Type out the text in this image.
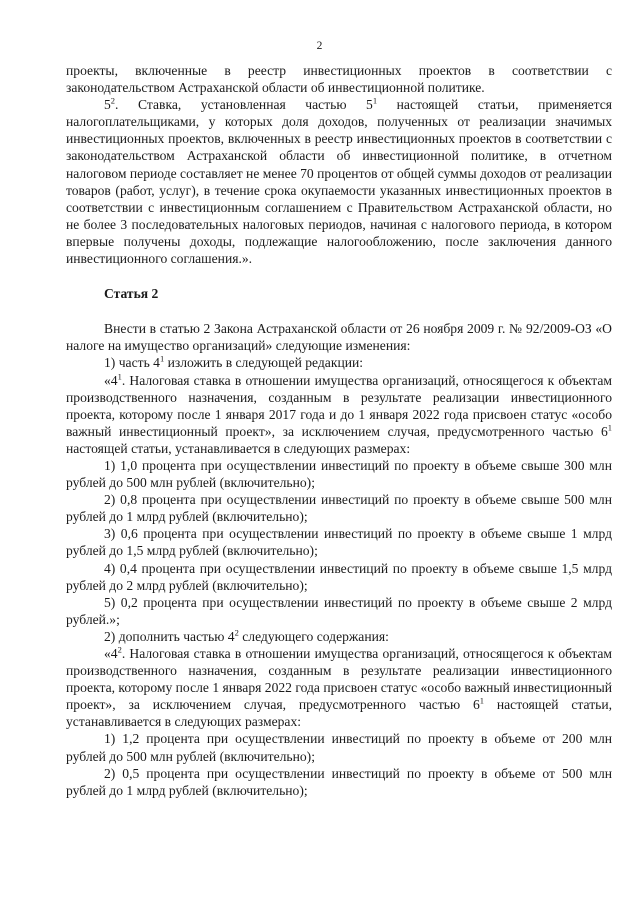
2

проекты, включенные в реестр инвестиционных проектов в соответствии с законодательством Астраханской области об инвестиционной политике.

$5^2$. Ставка, установленная частью $5^1$ настоящей статьи, применяется налогоплательщиками, у которых доля доходов, полученных от реализации значимых инвестиционных проектов, включенных в реестр инвестиционных проектов в соответствии с законодательством Астраханской области об инвестиционной политике, в отчетном налоговом периоде составляет не менее 70 процентов от общей суммы доходов от реализации товаров (работ, услуг), в течение срока окупаемости указанных инвестиционных проектов в соответствии с инвестиционным соглашением с Правительством Астраханской области, но не более 3 последовательных налоговых периодов, начиная с налогового периода, в котором впервые получены доходы, подлежащие налогообложению, после заключения данного инвестиционного соглашения.».

Статья 2

Внести в статью 2 Закона Астраханской области от 26 ноября 2009 г. № 92/2009-ОЗ «О налоге на имущество организаций» следующие изменения:

1) часть $4^1$ изложить в следующей редакции:

«$4^1$. Налоговая ставка в отношении имущества организаций, относящегося к объектам производственного назначения, созданным в результате реализации инвестиционного проекта, которому после 1 января 2017 года и до 1 января 2022 года присвоен статус «особо важный инвестиционный проект», за исключением случая, предусмотренного частью $6^1$ настоящей статьи, устанавливается в следующих размерах:

1) 1,0 процента при осуществлении инвестиций по проекту в объеме свыше 300 млн рублей до 500 млн рублей (включительно);

2) 0,8 процента при осуществлении инвестиций по проекту в объеме свыше 500 млн рублей до 1 млрд рублей (включительно);

3) 0,6 процента при осуществлении инвестиций по проекту в объеме свыше 1 млрд рублей до 1,5 млрд рублей (включительно);

4) 0,4 процента при осуществлении инвестиций по проекту в объеме свыше 1,5 млрд рублей до 2 млрд рублей (включительно);

5) 0,2 процента при осуществлении инвестиций по проекту в объеме свыше 2 млрд рублей.»;

2) дополнить частью $4^2$ следующего содержания:

«$4^2$. Налоговая ставка в отношении имущества организаций, относящегося к объектам производственного назначения, созданным в результате реализации инвестиционного проекта, которому после 1 января 2022 года присвоен статус «особо важный инвестиционный проект», за исключением случая, предусмотренного частью $6^1$ настоящей статьи, устанавливается в следующих размерах:

1) 1,2 процента при осуществлении инвестиций по проекту в объеме от 200 млн рублей до 500 млн рублей (включительно);

2) 0,5 процента при осуществлении инвестиций по проекту в объеме от 500 млн рублей до 1 млрд рублей (включительно);
